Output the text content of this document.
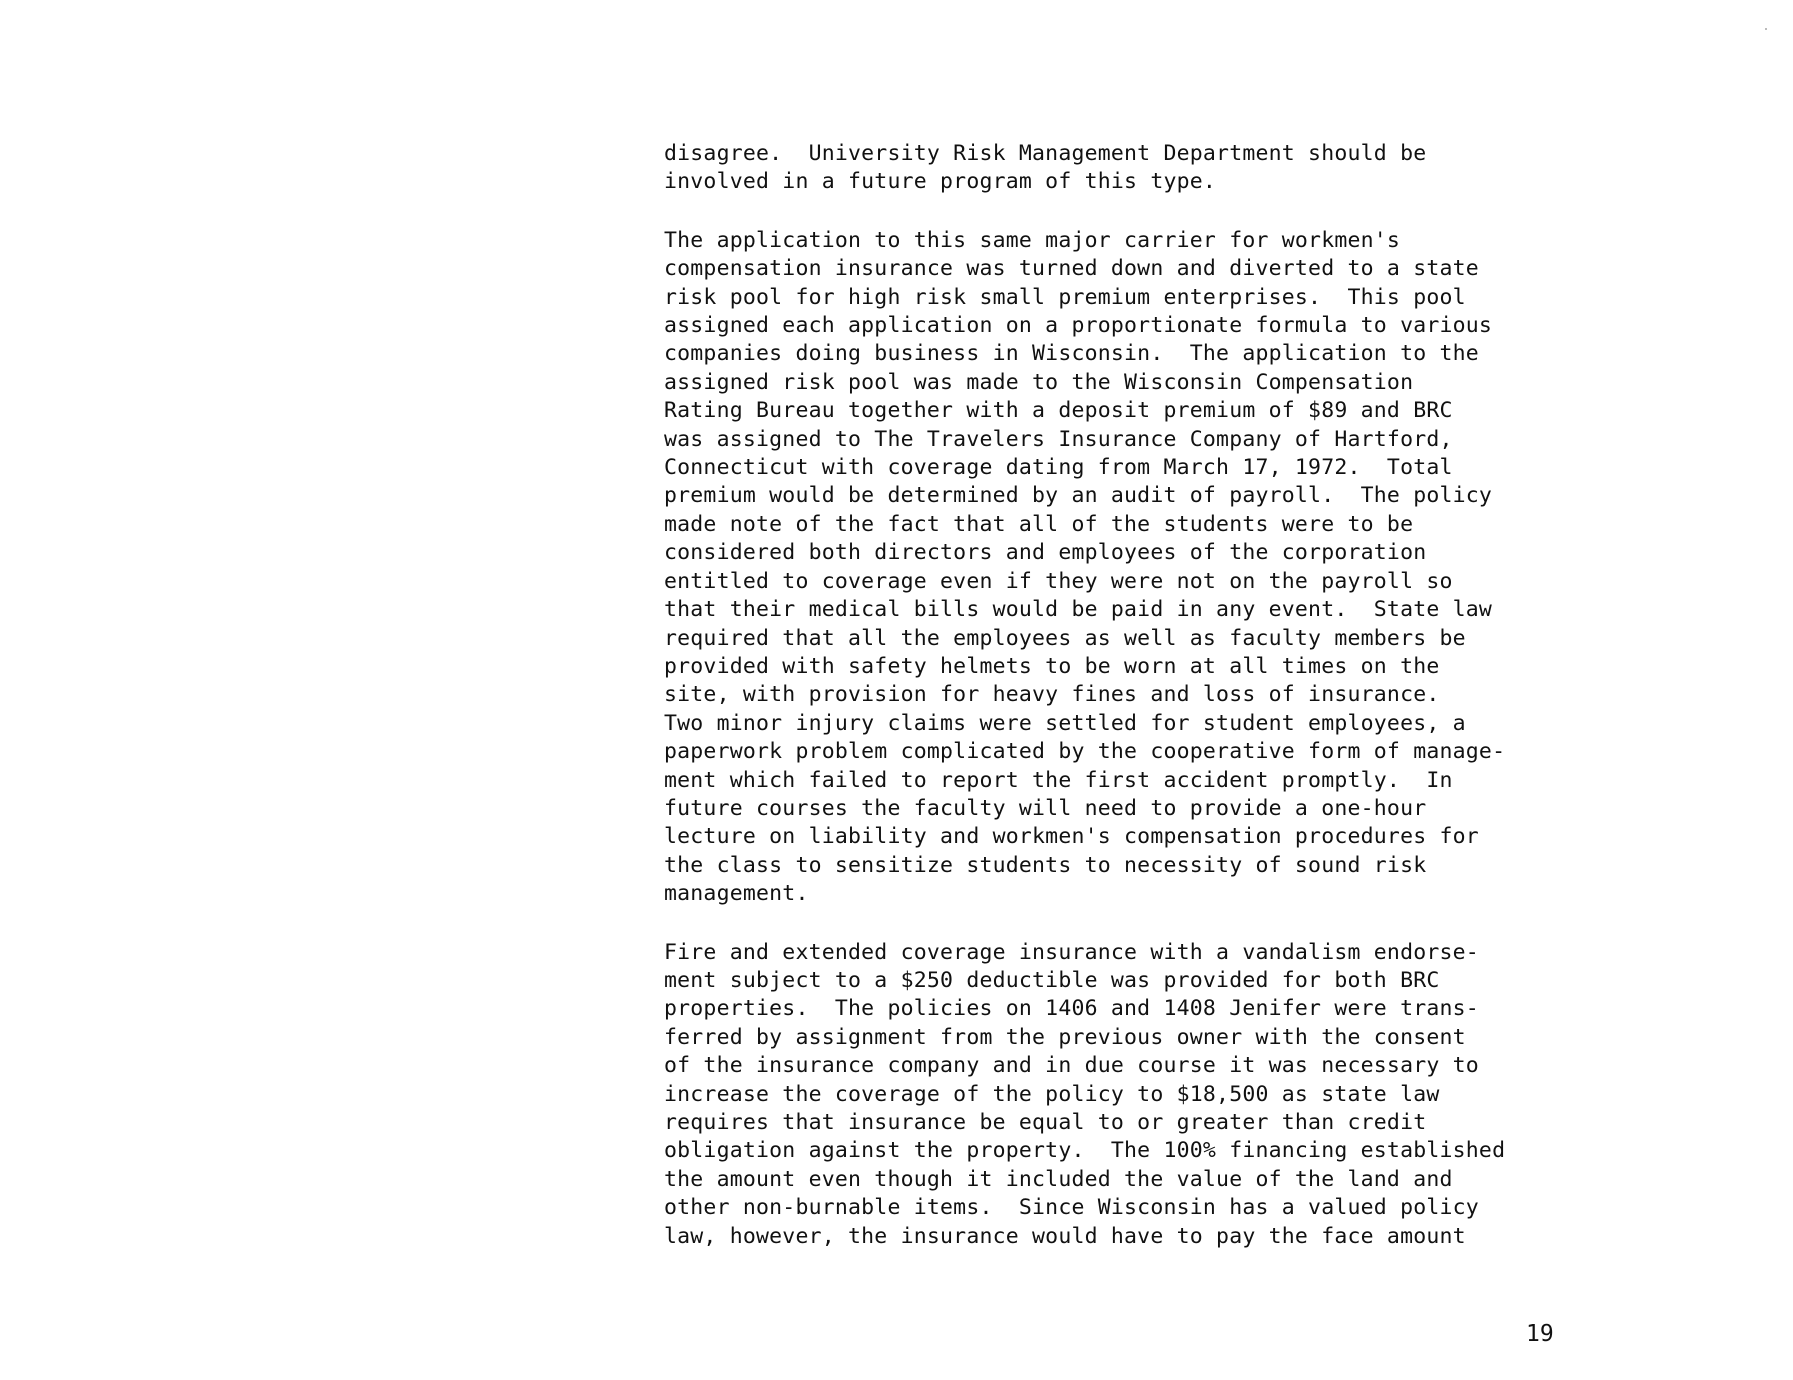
disagree.  University Risk Management Department should be
involved in a future program of this type.
The application to this same major carrier for workmen's
compensation insurance was turned down and diverted to a state
risk pool for high risk small premium enterprises.  This pool
assigned each application on a proportionate formula to various
companies doing business in Wisconsin.  The application to the
assigned risk pool was made to the Wisconsin Compensation
Rating Bureau together with a deposit premium of $89 and BRC
was assigned to The Travelers Insurance Company of Hartford,
Connecticut with coverage dating from March 17, 1972.  Total
premium would be determined by an audit of payroll.  The policy
made note of the fact that all of the students were to be
considered both directors and employees of the corporation
entitled to coverage even if they were not on the payroll so
that their medical bills would be paid in any event.  State law
required that all the employees as well as faculty members be
provided with safety helmets to be worn at all times on the
site, with provision for heavy fines and loss of insurance.
Two minor injury claims were settled for student employees, a
paperwork problem complicated by the cooperative form of manage-
ment which failed to report the first accident promptly.  In
future courses the faculty will need to provide a one-hour
lecture on liability and workmen's compensation procedures for
the class to sensitize students to necessity of sound risk
management.
Fire and extended coverage insurance with a vandalism endorse-
ment subject to a $250 deductible was provided for both BRC
properties.  The policies on 1406 and 1408 Jenifer were trans-
ferred by assignment from the previous owner with the consent
of the insurance company and in due course it was necessary to
increase the coverage of the policy to $18,500 as state law
requires that insurance be equal to or greater than credit
obligation against the property.  The 100% financing established
the amount even though it included the value of the land and
other non-burnable items.  Since Wisconsin has a valued policy
law, however, the insurance would have to pay the face amount
19
